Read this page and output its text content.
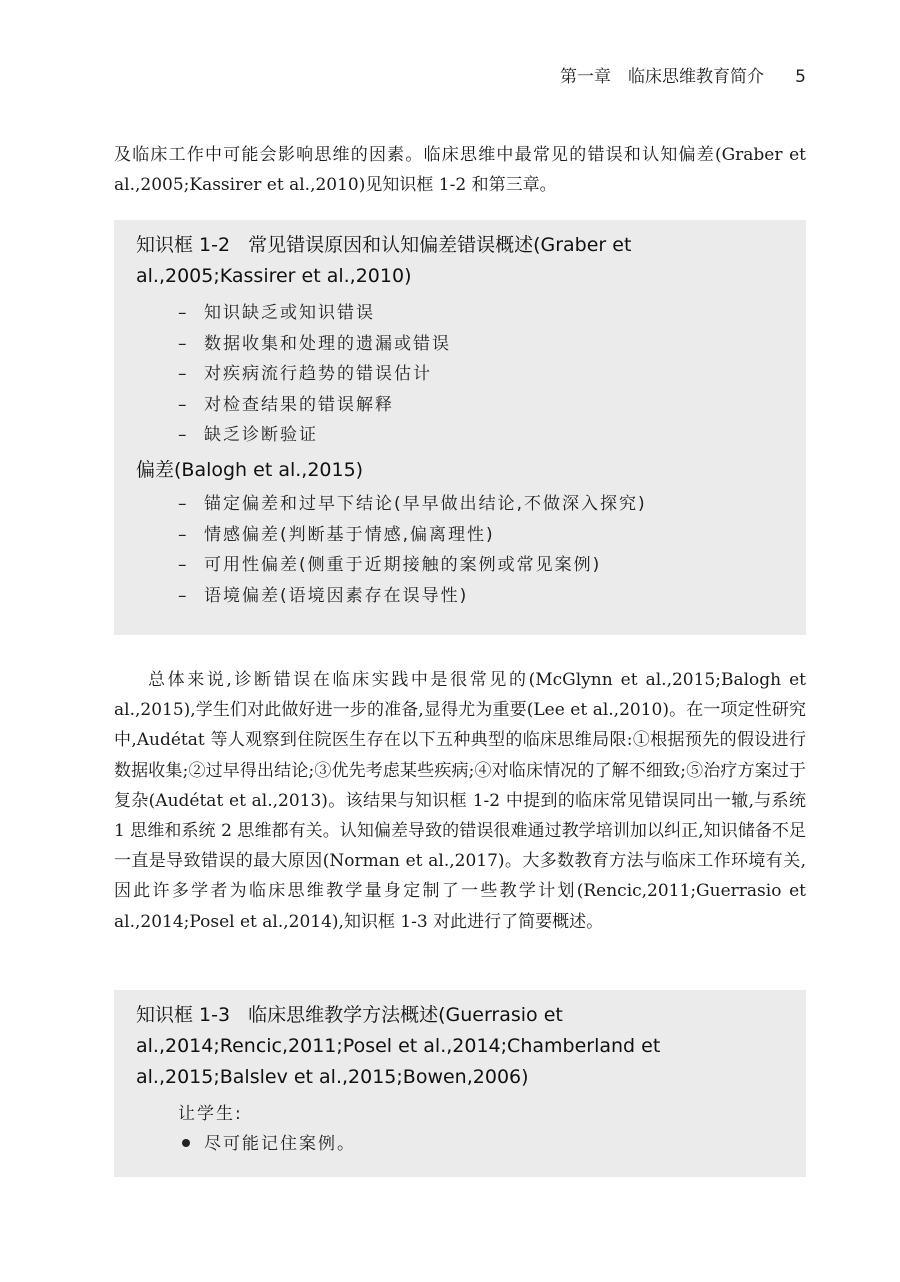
第一章　临床思维教育简介 5

及临床工作中可能会影响思维的因素。临床思维中最常见的错误和认知偏差(Graber et al.,2005;Kassirer et al.,2010)见知识框 1-2 和第三章。

知识框 1-2 常见错误原因和认知偏差错误概述(Graber et al.,2005;Kassirer et al.,2010)
– 知识缺乏或知识错误
– 数据收集和处理的遗漏或错误
– 对疾病流行趋势的错误估计
– 对检查结果的错误解释
– 缺乏诊断验证
偏差(Balogh et al.,2015)
– 锚定偏差和过早下结论(早早做出结论,不做深入探究)
– 情感偏差(判断基于情感,偏离理性)
– 可用性偏差(侧重于近期接触的案例或常见案例)
– 语境偏差(语境因素存在误导性)

总体来说,诊断错误在临床实践中是很常见的(McGlynn et al.,2015;Balogh et al.,2015),学生们对此做好进一步的准备,显得尤为重要(Lee et al.,2010)。在一项定性研究中,Audétat 等人观察到住院医生存在以下五种典型的临床思维局限:①根据预先的假设进行数据收集;②过早得出结论;③优先考虑某些疾病;④对临床情况的了解不细致;⑤治疗方案过于复杂(Audétat et al.,2013)。该结果与知识框 1-2 中提到的临床常见错误同出一辙,与系统 1 思维和系统 2 思维都有关。认知偏差导致的错误很难通过教学培训加以纠正,知识储备不足一直是导致错误的最大原因(Norman et al.,2017)。大多数教育方法与临床工作环境有关,因此许多学者为临床思维教学量身定制了一些教学计划(Rencic,2011;Guerrasio et al.,2014;Posel et al.,2014),知识框 1-3 对此进行了简要概述。

知识框 1-3 临床思维教学方法概述(Guerrasio et al.,2014;Rencic,2011;Posel et al.,2014;Chamberland et al.,2015;Balslev et al.,2015;Bowen,2006)
让学生:
尽可能记住案例。
